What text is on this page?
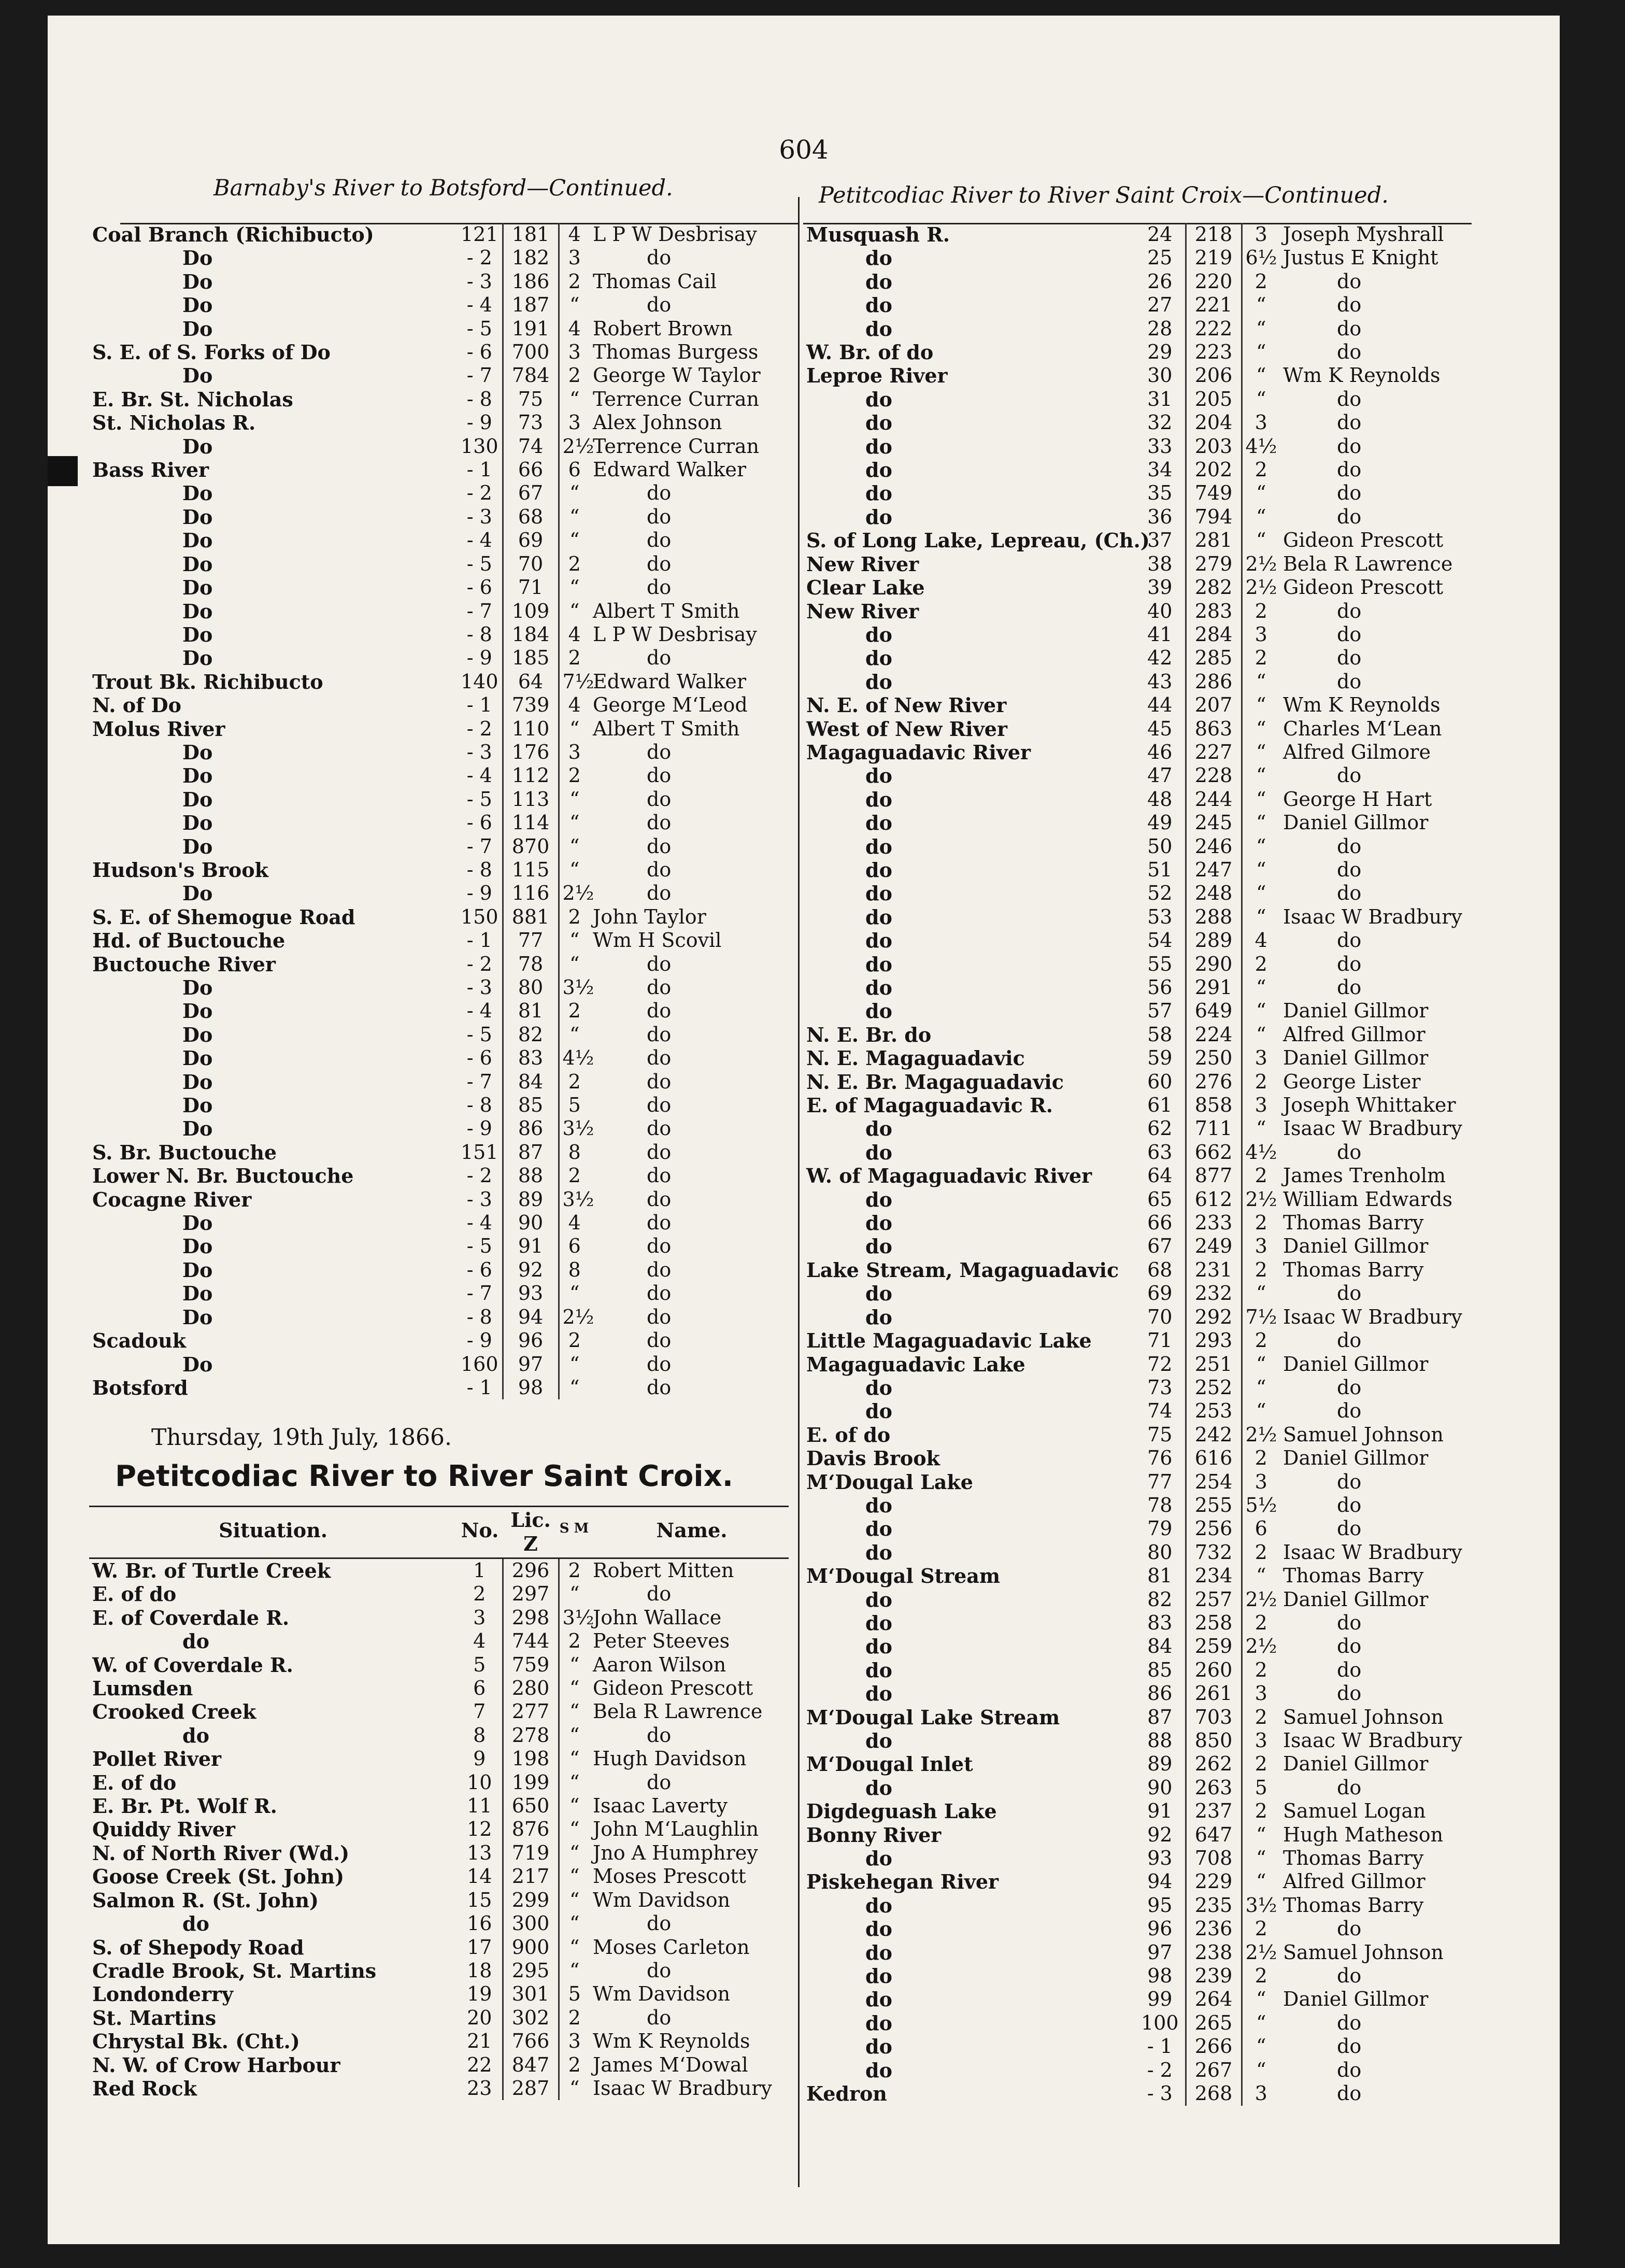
604
Barnaby's River to Botsford—Continued.	Petitcodiac River to River Saint Croix—Continued.
Coal Branch (Richibucto)	121	181	4	L P W Desbrisay
Do	- 2	182	3	do
Do	- 3	186	2	Thomas Cail
Do	- 4	187	“	do
Do	- 5	191	4	Robert Brown
S. E. of S. Forks of Do	- 6	700	3	Thomas Burgess
Do	- 7	784	2	George W Taylor
E. Br. St. Nicholas	- 8	75	“	Terrence Curran
St. Nicholas R.	- 9	73	3	Alex Johnson
Do	130	74	2½	Terrence Curran
Bass River	- 1	66	6	Edward Walker
Do	- 2	67	“	do
Do	- 3	68	“	do
Do	- 4	69	“	do
Do	- 5	70	2	do
Do	- 6	71	“	do
Do	- 7	109	“	Albert T Smith
Do	- 8	184	4	L P W Desbrisay
Do	- 9	185	2	do
Trout Bk. Richibucto	140	64	7½	Edward Walker
N. of Do	- 1	739	4	George M‘Leod
Molus River	- 2	110	“	Albert T Smith
Do	- 3	176	3	do
Do	- 4	112	2	do
Do	- 5	113	“	do
Do	- 6	114	“	do
Do	- 7	870	“	do
Hudson's Brook	- 8	115	“	do
Do	- 9	116	2½	do
S. E. of Shemogue Road	150	881	2	John Taylor
Hd. of Buctouche	- 1	77	“	Wm H Scovil
Buctouche River	- 2	78	“	do
Do	- 3	80	3½	do
Do	- 4	81	2	do
Do	- 5	82	“	do
Do	- 6	83	4½	do
Do	- 7	84	2	do
Do	- 8	85	5	do
Do	- 9	86	3½	do
S. Br. Buctouche	151	87	8	do
Lower N. Br. Buctouche	- 2	88	2	do
Cocagne River	- 3	89	3½	do
Do	- 4	90	4	do
Do	- 5	91	6	do
Do	- 6	92	8	do
Do	- 7	93	“	do
Do	- 8	94	2½	do
Scadouk	- 9	96	2	do
Do	160	97	“	do
Botsford	- 1	98	“	do
Thursday, 19th July, 1866.
Petitcodiac River to River Saint Croix.
Situation.	No. Lic.
Z
S M	Name.
W. Br. of Turtle Creek	1	296	2	Robert Mitten
E. of do	2	297	“	do
E. of Coverdale R.	3	298	3½	John Wallace
do	4	744	2	Peter Steeves
W. of Coverdale R.	5	759	“	Aaron Wilson
Lumsden	6	280	“	Gideon Prescott
Crooked Creek	7	277	“	Bela R Lawrence
do	8	278	“	do
Pollet River	9	198	“	Hugh Davidson
E. of do	10	199	“	do
E. Br. Pt. Wolf R.	11	650	“	Isaac Laverty
Quiddy River	12	876	“	John M‘Laughlin
N. of North River (Wd.)	13	719	“	Jno A Humphrey
Goose Creek (St. John)	14	217	“	Moses Prescott
Salmon R. (St. John)	15	299	“	Wm Davidson
do	16	300	“	do
S. of Shepody Road	17	900	“	Moses Carleton
Cradle Brook, St. Martins	18	295	“	do
Londonderry	19	301	5	Wm Davidson
St. Martins	20	302	2	do
Chrystal Bk. (Cht.)	21	766	3	Wm K Reynolds
N. W. of Crow Harbour	22	847	2	James M‘Dowal
Red Rock	23	287	“	Isaac W Bradbury
Musquash R.	24	218	3	Joseph Myshrall
do	25	219	6½	Justus E Knight
do	26	220	2	do
do	27	221	“	do
do	28	222	“	do
W. Br. of do	29	223	“	do
Leproe River	30	206	“	Wm K Reynolds
do	31	205	“	do
do	32	204	3	do
do	33	203	4½	do
do	34	202	2	do
do	35	749	“	do
do	36	794	“	do
S. of Long Lake, Lepreau, (Ch.)	37	281	“	Gideon Prescott
New River	38	279	2½	Bela R Lawrence
Clear Lake	39	282	2½	Gideon Prescott
New River	40	283	2	do
do	41	284	3	do
do	42	285	2	do
do	43	286	“	do
N. E. of New River	44	207	“	Wm K Reynolds
West of New River	45	863	“	Charles M‘Lean
Magaguadavic River	46	227	“	Alfred Gilmore
do	47	228	“	do
do	48	244	“	George H Hart
do	49	245	“	Daniel Gillmor
do	50	246	“	do
do	51	247	“	do
do	52	248	“	do
do	53	288	“	Isaac W Bradbury
do	54	289	4	do
do	55	290	2	do
do	56	291	“	do
do	57	649	“	Daniel Gillmor
N. E. Br. do	58	224	“	Alfred Gillmor
N. E. Magaguadavic	59	250	3	Daniel Gillmor
N. E. Br. Magaguadavic	60	276	2	George Lister
E. of Magaguadavic R.	61	858	3	Joseph Whittaker
do	62	711	“	Isaac W Bradbury
do	63	662	4½	do
W. of Magaguadavic River	64	877	2	James Trenholm
do	65	612	2½	William Edwards
do	66	233	2	Thomas Barry
do	67	249	3	Daniel Gillmor
Lake Stream, Magaguadavic	68	231	2	Thomas Barry
do	69	232	“	do
do	70	292	7½	Isaac W Bradbury
Little Magaguadavic Lake	71	293	2	do
Magaguadavic Lake	72	251	“	Daniel Gillmor
do	73	252	“	do
do	74	253	“	do
E. of do	75	242	2½	Samuel Johnson
Davis Brook	76	616	2	Daniel Gillmor
M‘Dougal Lake	77	254	3	do
do	78	255	5½	do
do	79	256	6	do
do	80	732	2	Isaac W Bradbury
M‘Dougal Stream	81	234	“	Thomas Barry
do	82	257	2½	Daniel Gillmor
do	83	258	2	do
do	84	259	2½	do
do	85	260	2	do
do	86	261	3	do
M‘Dougal Lake Stream	87	703	2	Samuel Johnson
do	88	850	3	Isaac W Bradbury
M‘Dougal Inlet	89	262	2	Daniel Gillmor
do	90	263	5	do
Digdeguash Lake	91	237	2	Samuel Logan
Bonny River	92	647	“	Hugh Matheson
do	93	708	“	Thomas Barry
Piskehegan River	94	229	“	Alfred Gillmor
do	95	235	3½	Thomas Barry
do	96	236	2	do
do	97	238	2½	Samuel Johnson
do	98	239	2	do
do	99	264	“	Daniel Gillmor
do	100	265	“	do
do	- 1	266	“	do
do	- 2	267	“	do
Kedron	- 3	268	3	do
